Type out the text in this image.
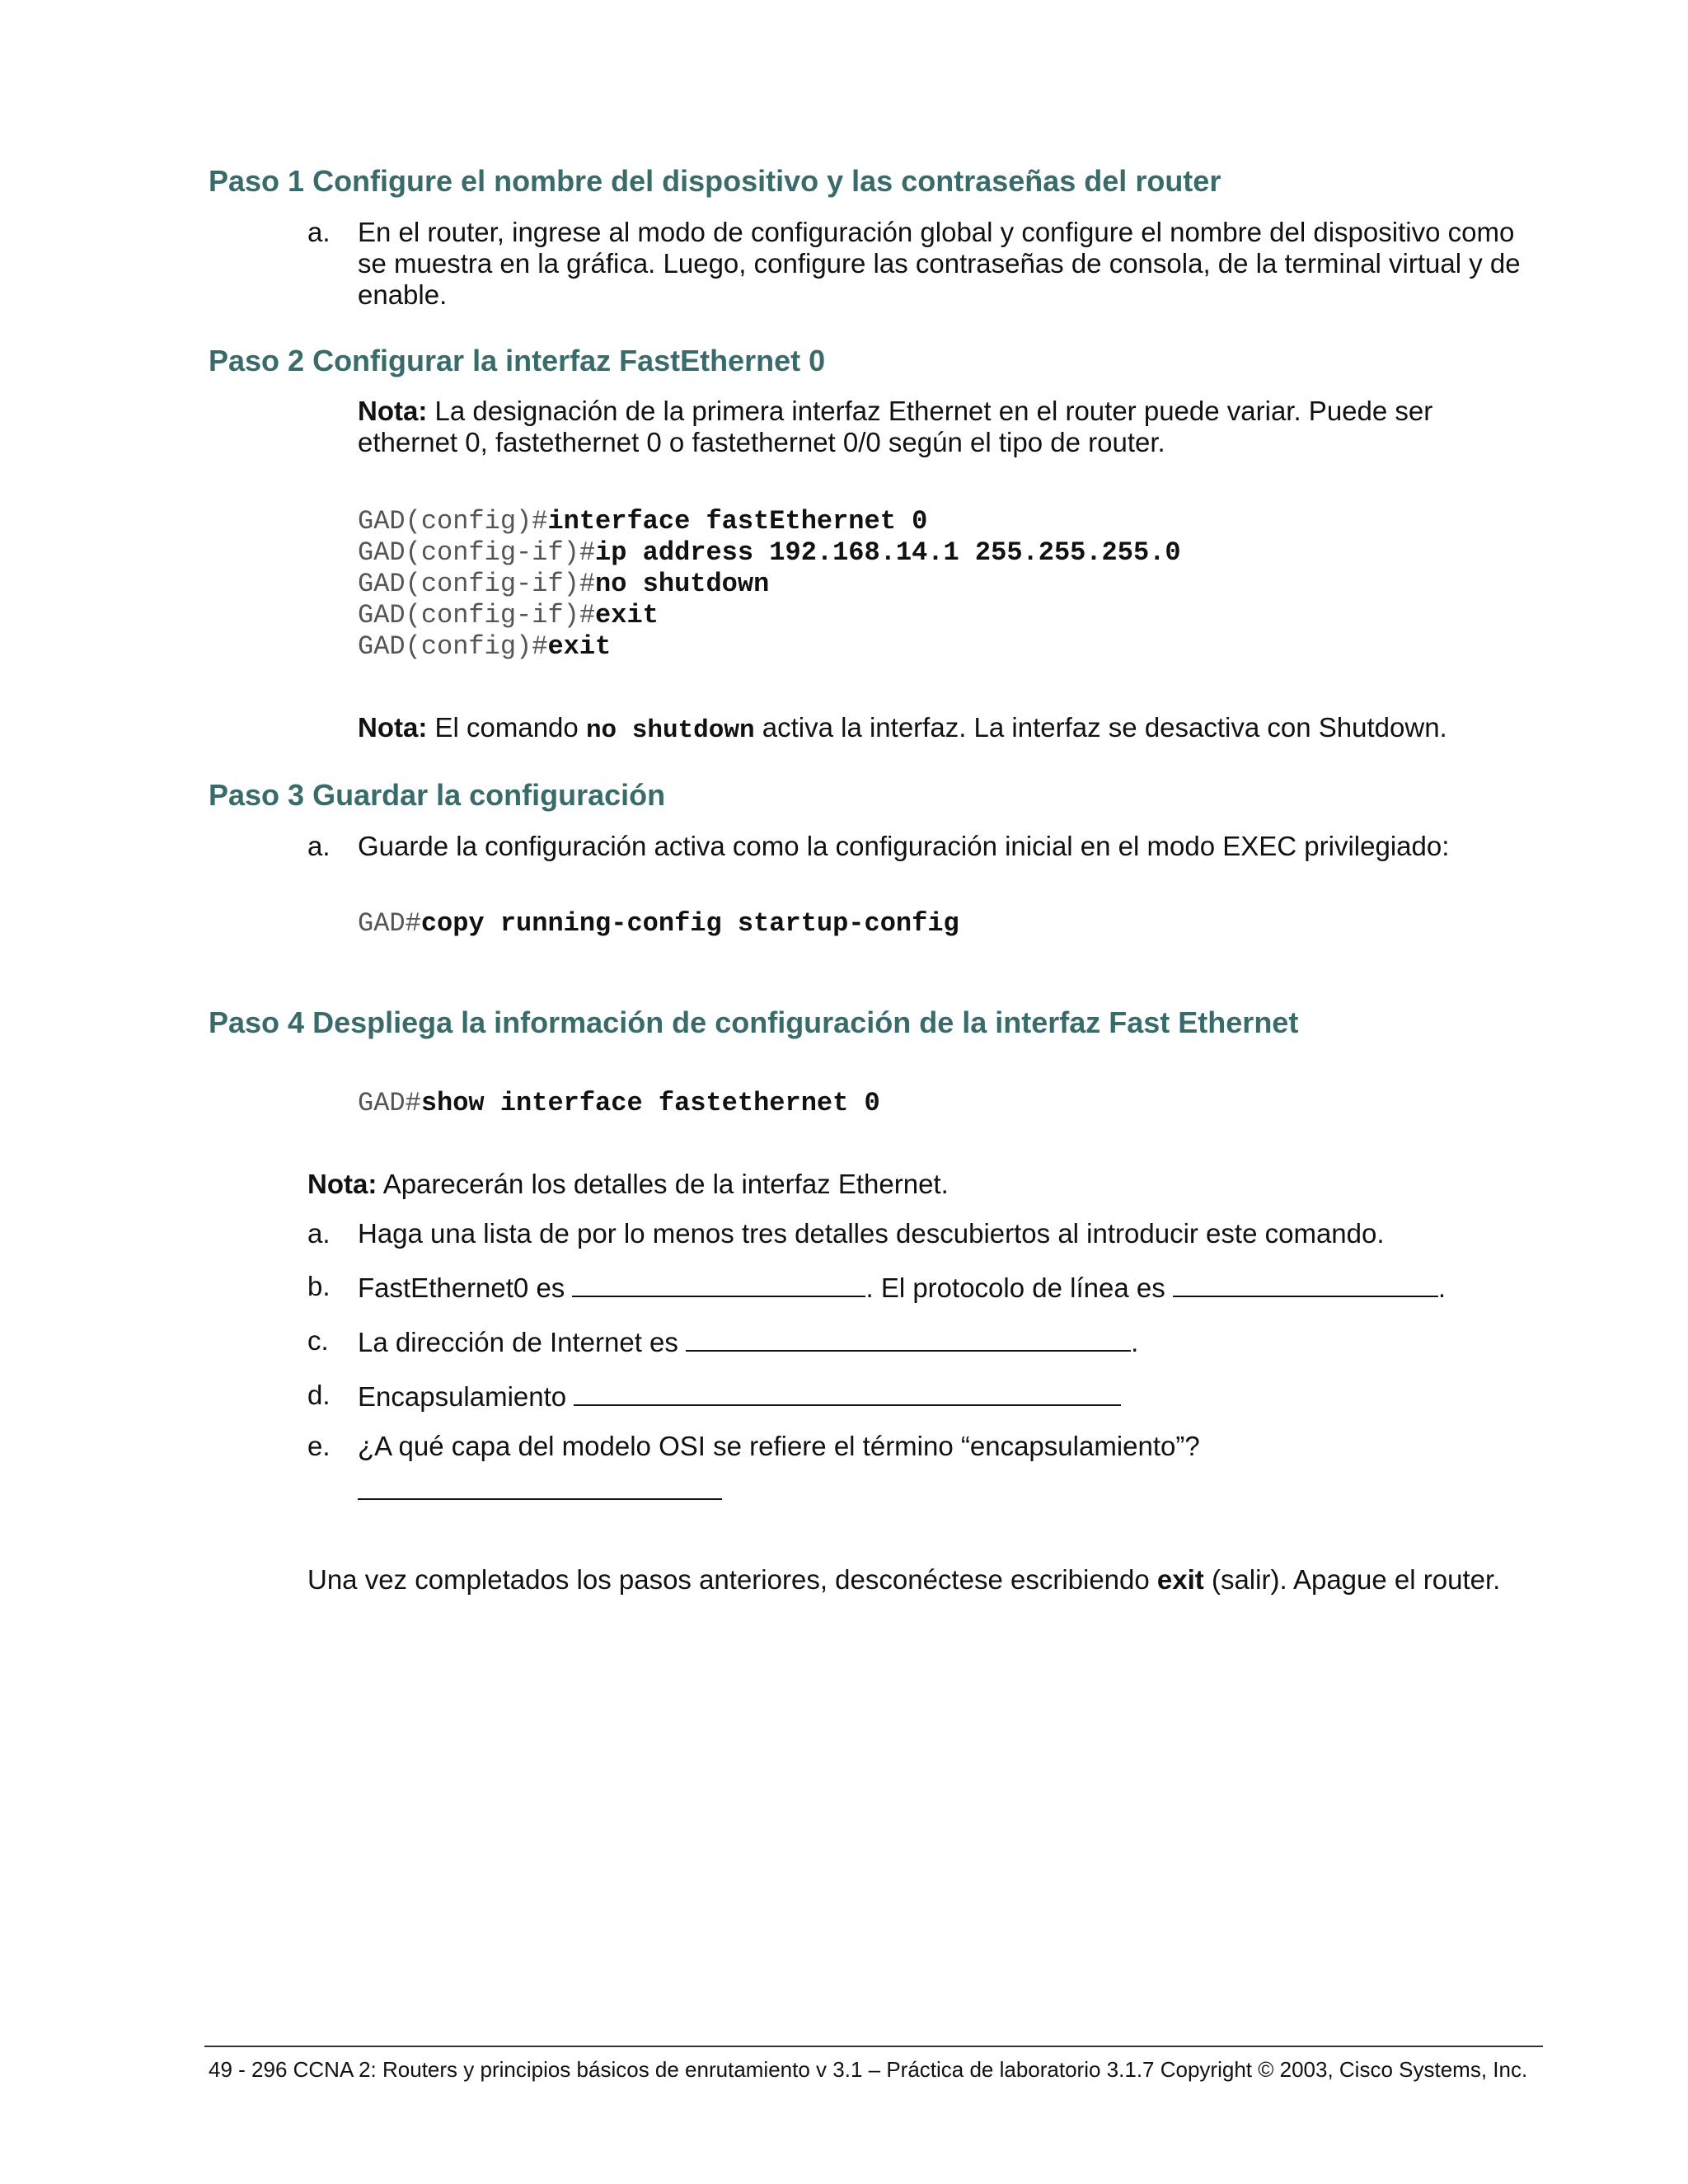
Paso 1 Configure el nombre del dispositivo y las contraseñas del router
a. En el router, ingrese al modo de configuración global y configure el nombre del dispositivo como
se muestra en la gráfica. Luego, configure las contraseñas de consola, de la terminal virtual y de
enable.
Paso 2 Configurar la interfaz FastEthernet 0
Nota: La designación de la primera interfaz Ethernet en el router puede variar. Puede ser
ethernet 0, fastethernet 0 o fastethernet 0/0 según el tipo de router.
GAD(config)#interface fastEthernet 0
GAD(config-if)#ip address 192.168.14.1 255.255.255.0
GAD(config-if)#no shutdown
GAD(config-if)#exit
GAD(config)#exit
Nota: El comando no shutdown activa la interfaz. La interfaz se desactiva con Shutdown.
Paso 3 Guardar la configuración
a. Guarde la configuración activa como la configuración inicial en el modo EXEC privilegiado:
GAD#copy running-config startup-config
Paso 4 Despliega la información de configuración de la interfaz Fast Ethernet
GAD#show interface fastethernet 0
Nota: Aparecerán los detalles de la interfaz Ethernet.
a. Haga una lista de por lo menos tres detalles descubiertos al introducir este comando.
b. FastEthernet0 es	. El protocolo de línea es	.
c. La dirección de Internet es	.
d. Encapsulamiento
e. ¿A qué capa del modelo OSI se refiere el término “encapsulamiento”?
Una vez completados los pasos anteriores, desconéctese escribiendo exit (salir). Apague el router.
49 - 296 CCNA 2: Routers y principios básicos de enrutamiento v 3.1 – Práctica de laboratorio 3.1.7 Copyright © 2003, Cisco Systems, Inc.
